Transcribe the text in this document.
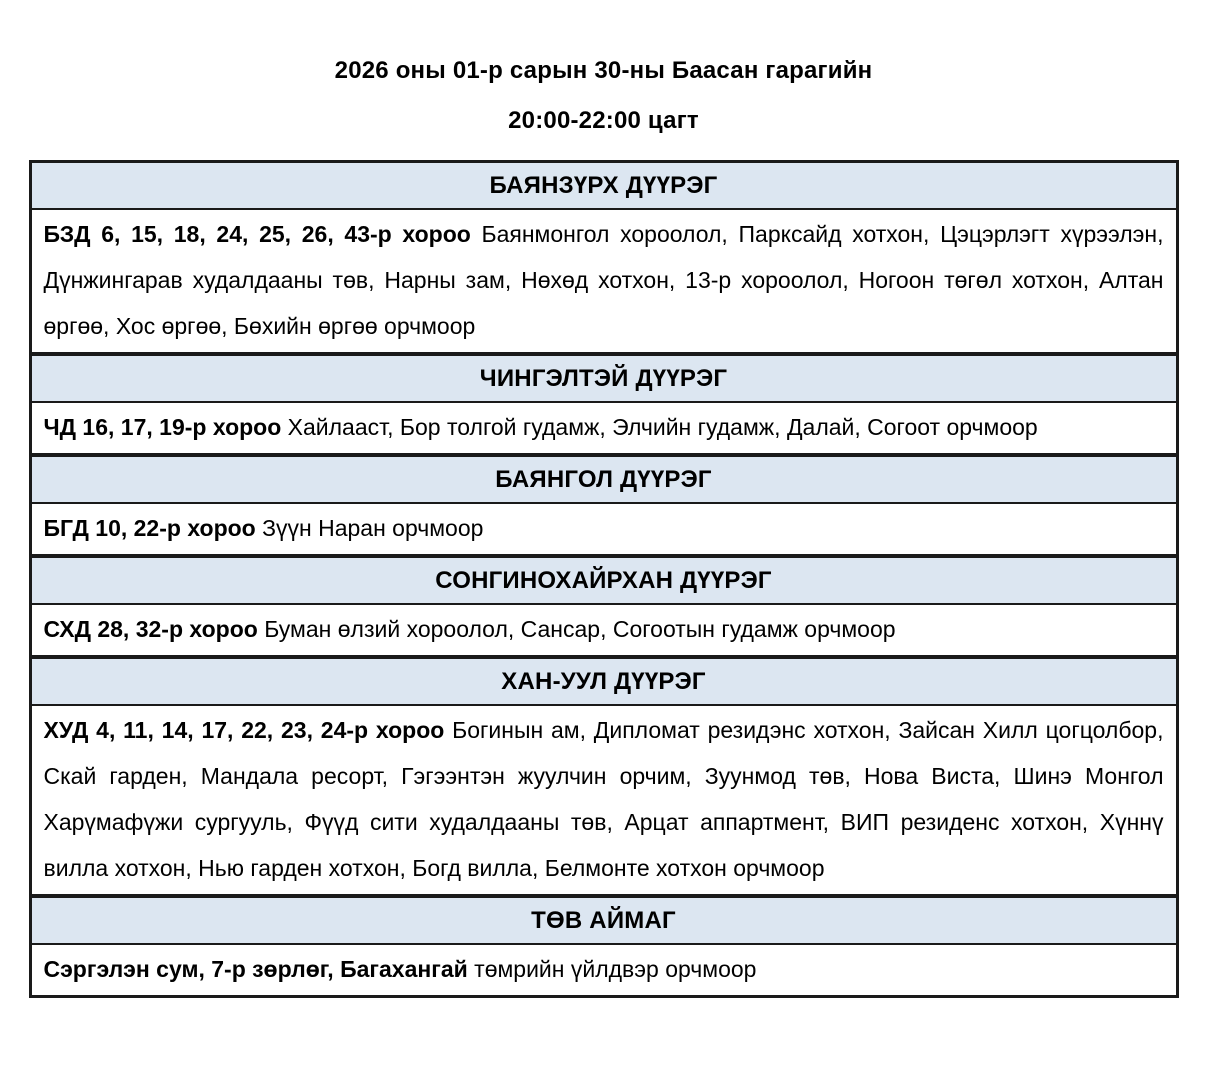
2026 оны 01-р сарын 30-ны Баасан гарагийн
20:00-22:00 цагт
БАЯНЗҮРХ ДҮҮРЭГ
БЗД 6, 15, 18, 24, 25, 26, 43-р хороо Баянмонгол хороолол, Парксайд хотхон, Цэцэрлэгт хүрээлэн, Дүнжингарав худалдааны төв, Нарны зам, Нөхөд хотхон, 13-р хороолол, Ногоон төгөл хотхон, Алтан өргөө, Хос өргөө, Бөхийн өргөө орчмоор
ЧИНГЭЛТЭЙ ДҮҮРЭГ
ЧД 16, 17, 19-р хороо Хайлааст, Бор толгой гудамж, Элчийн гудамж, Далай, Согоот орчмоор
БАЯНГОЛ ДҮҮРЭГ
БГД 10, 22-р хороо Зүүн Наран орчмоор
СОНГИНОХАЙРХАН ДҮҮРЭГ
СХД 28, 32-р хороо Буман өлзий хороолол, Сансар, Согоотын гудамж орчмоор
ХАН-УУЛ ДҮҮРЭГ
ХУД 4, 11, 14, 17, 22, 23, 24-р хороо Богинын ам, Дипломат резидэнс хотхон, Зайсан Хилл цогцолбор, Скай гарден, Мандала ресорт, Гэгээнтэн жуулчин орчим, Зуунмод төв, Нова Виста, Шинэ Монгол Харүмафүжи сургууль, Фүүд сити худалдааны төв, Арцат аппартмент, ВИП резиденс хотхон, Хүннү вилла хотхон, Нью гарден хотхон, Богд вилла, Белмонте хотхон орчмоор
ТӨВ АЙМАГ
Сэргэлэн сум, 7-р зөрлөг, Багахангай төмрийн үйлдвэр орчмоор
